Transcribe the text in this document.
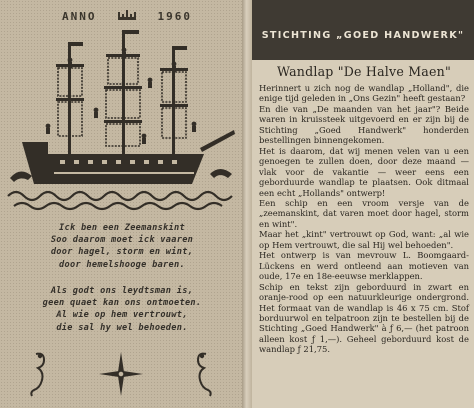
ANNO	1960
Ick ben een Zeemanskint
Soo daarom moet ick vaaren
door hagel, storm en wint,
door hemelshooge baren.
Als godt ons leydtsman is,
geen quaet kan ons ontmoeten.
Al wie op hem vertrouwt,
die sal hy wel behoeden.
STICHTING „GOED HANDWERK"
Wandlap "De Halve Maen"

Herinnert u zich nog de wandlap „Holland", die enige tijd geleden in „Ons Gezin" heeft gestaan?

En die van „De maanden van het jaar"? Beide waren in kruissteek uitgevoerd en er zijn bij de Stichting „Goed Handwerk" honderden bestellingen binnengekomen.

Het is daarom, dat wij menen velen van u een genoegen te zullen doen, door deze maand — vlak voor de vakantie — weer eens een geborduurde wandlap te plaatsen. Ook ditmaal een echt „Hollands" ontwerp!

Een schip en een vroom versje van de „zeemanskint, dat varen moet door hagel, storm en wint".

Maar het „kint" vertrouwt op God, want: „al wie op Hem vertrouwt, die sal Hij wel behoeden".

Het ontwerp is van mevrouw L. Boomgaard-Lückens en werd ontleend aan motieven van oude, 17e en 18e-eeuwse merklappen.

Schip en tekst zijn geborduurd in zwart en oranje-rood op een natuurkleurige ondergrond. Het formaat van de wandlap is 46 x 75 cm. Stof borduurwol en telpatroon zijn te bestellen bij de Stichting „Goed Handwerk" à ƒ 6,— (het patroon alleen kost ƒ 1,—). Geheel geborduurd kost de wandlap ƒ 21,75.
